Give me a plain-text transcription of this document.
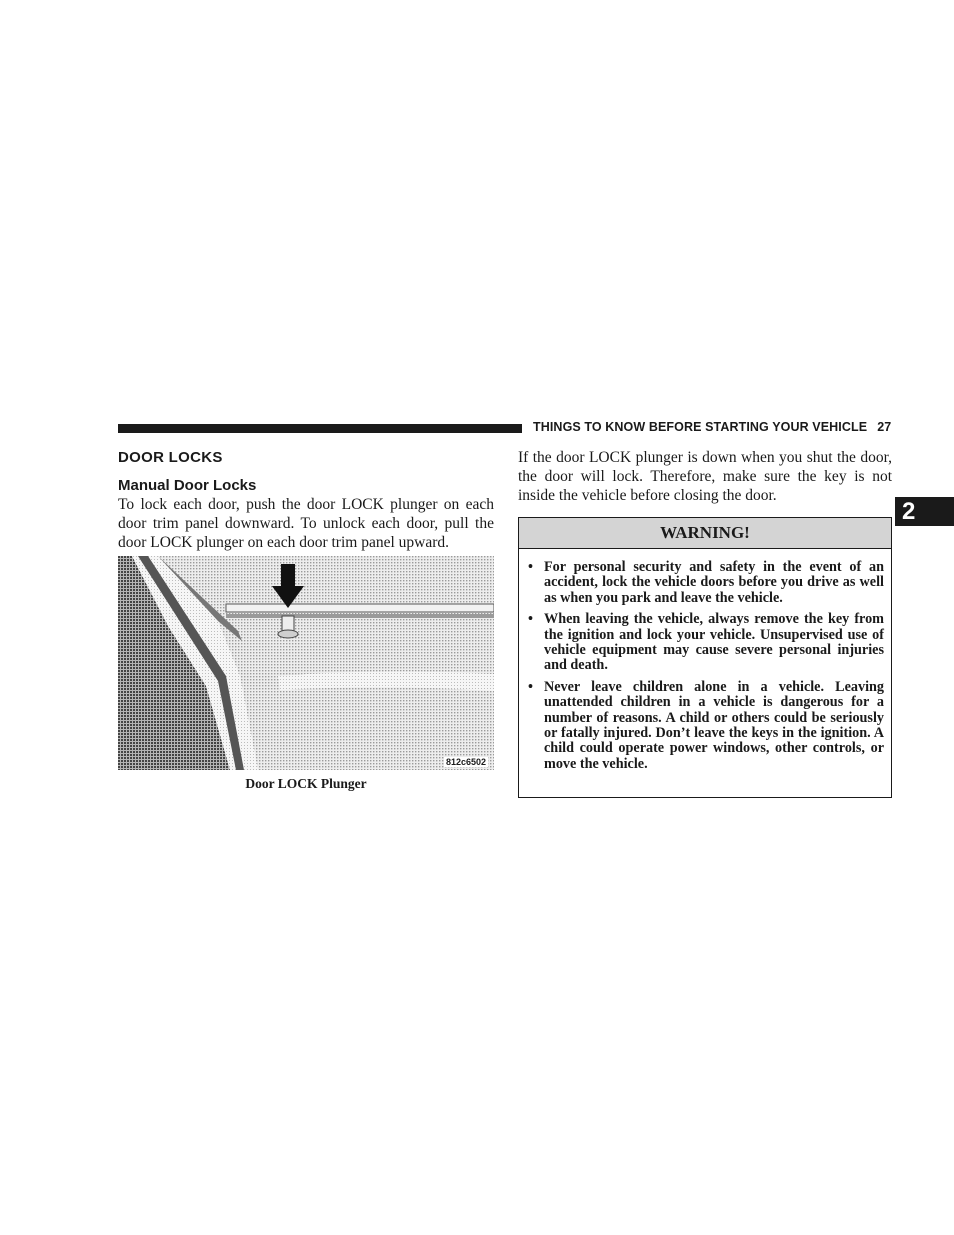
THINGS TO KNOW BEFORE STARTING YOUR VEHICLE 27
2
DOOR LOCKS
Manual Door Locks

To lock each door, push the door LOCK plunger on each door trim panel downward. To unlock each door, pull the door LOCK plunger on each door trim panel upward.

812c6502
Door LOCK Plunger

If the door LOCK plunger is down when you shut the door, the door will lock. Therefore, make sure the key is not inside the vehicle before closing the door.

WARNING!
• For personal security and safety in the event of an accident, lock the vehicle doors before you drive as well as when you park and leave the vehicle.
• When leaving the vehicle, always remove the key from the ignition and lock your vehicle. Unsupervised use of vehicle equipment may cause severe personal injuries and death.
• Never leave children alone in a vehicle. Leaving unattended children in a vehicle is dangerous for a number of reasons. A child or others could be seriously or fatally injured. Don’t leave the keys in the ignition. A child could operate power windows, other controls, or move the vehicle.
